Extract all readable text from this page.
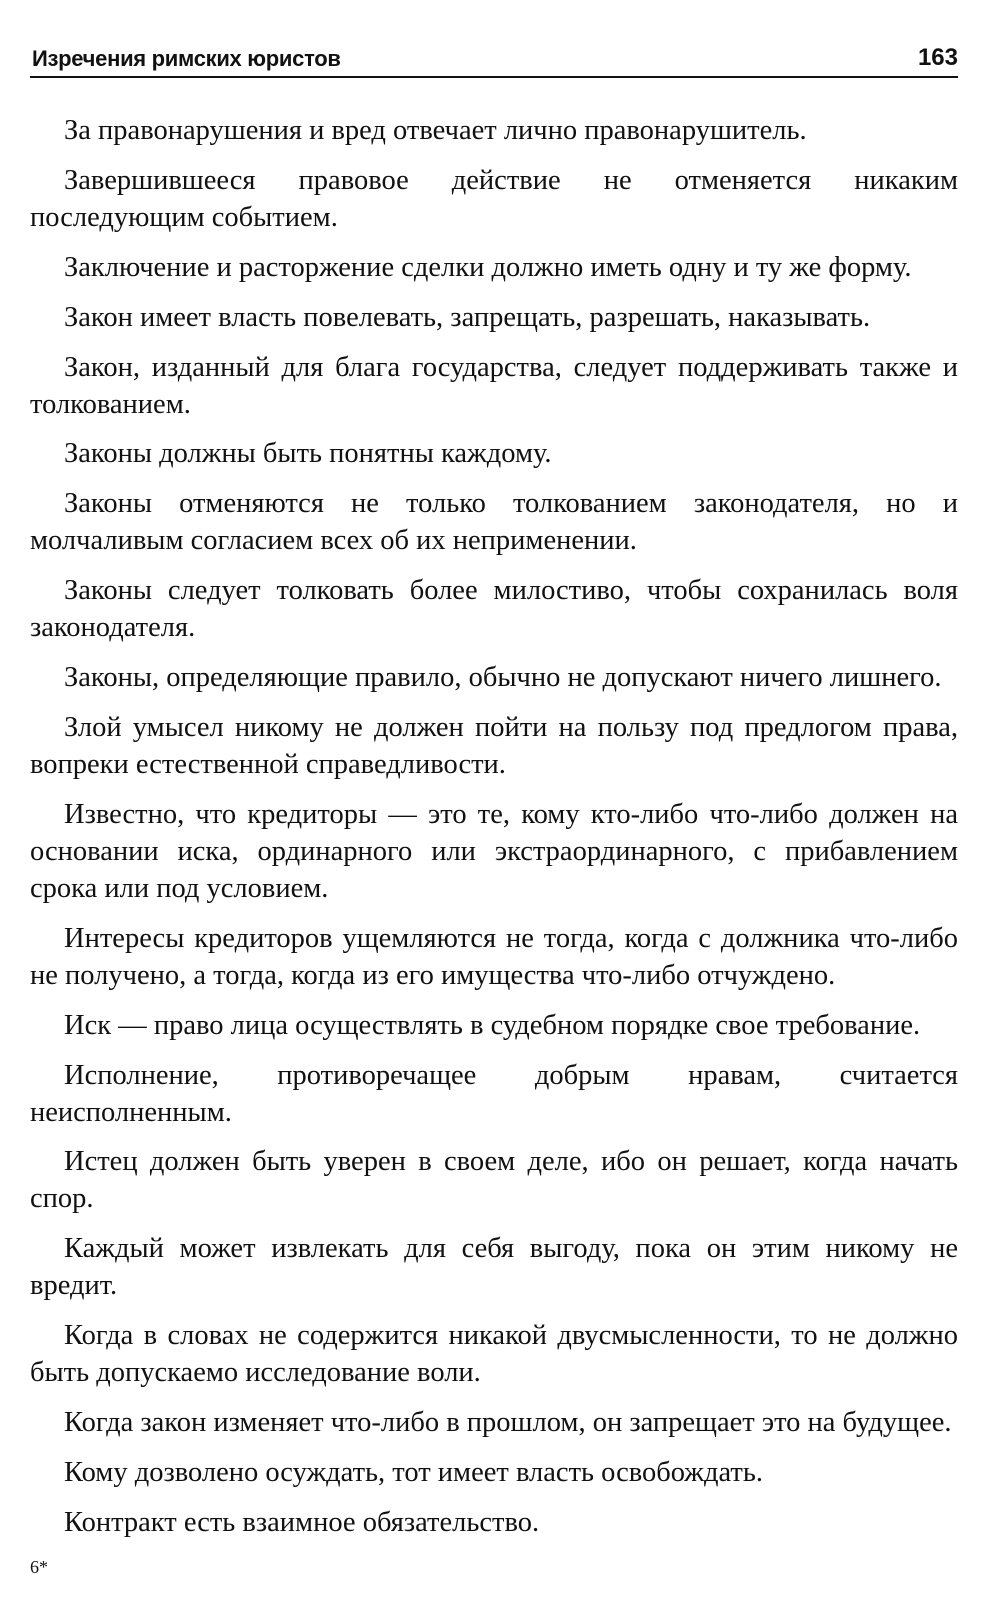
Изречения римских юристов	163

За правонарушения и вред отвечает лично правонарушитель.

Завершившееся правовое действие не отменяется никаким последующим событием.

Заключение и расторжение сделки должно иметь одну и ту же форму.

Закон имеет власть повелевать, запрещать, разрешать, наказывать.

Закон, изданный для блага государства, следует поддерживать также и толкованием.

Законы должны быть понятны каждому.

Законы отменяются не только толкованием законодателя, но и молчаливым согласием всех об их неприменении.

Законы следует толковать более милостиво, чтобы сохранилась воля законодателя.

Законы, определяющие правило, обычно не допускают ничего лишнего.

Злой умысел никому не должен пойти на пользу под предлогом права, вопреки естественной справедливости.

Известно, что кредиторы — это те, кому кто-либо что-либо должен на основании иска, ординарного или экстраординарного, с прибавлением срока или под условием.

Интересы кредиторов ущемляются не тогда, когда с должника что-либо не получено, а тогда, когда из его имущества что-либо отчуждено.

Иск — право лица осуществлять в судебном порядке свое требование.

Исполнение, противоречащее добрым нравам, считается неисполненным.

Истец должен быть уверен в своем деле, ибо он решает, когда начать спор.

Каждый может извлекать для себя выгоду, пока он этим никому не вредит.

Когда в словах не содержится никакой двусмысленности, то не должно быть допускаемо исследование воли.

Когда закон изменяет что-либо в прошлом, он запрещает это на будущее.

Кому дозволено осуждать, тот имеет власть освобождать.

Контракт есть взаимное обязательство.

6*
